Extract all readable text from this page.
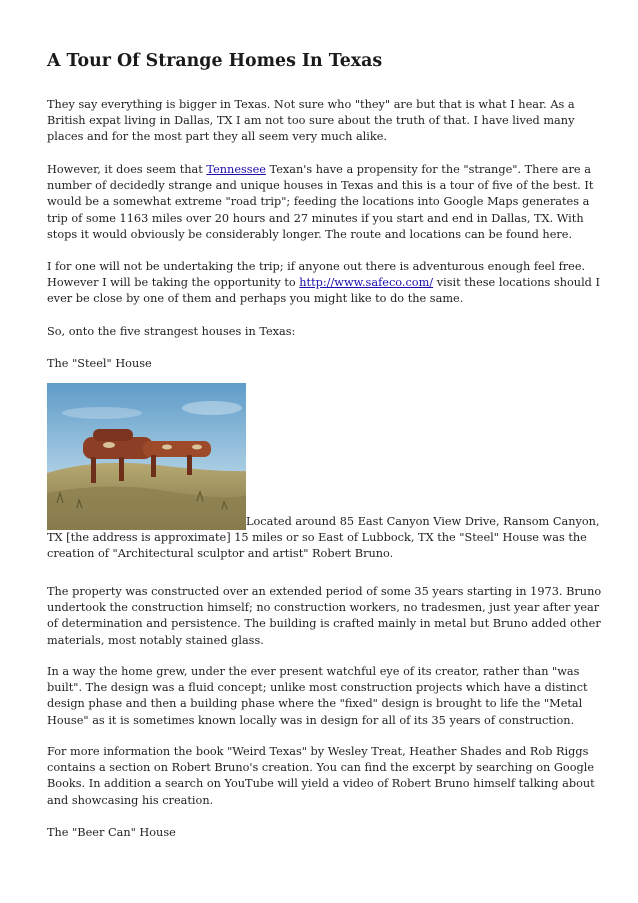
A Tour Of Strange Homes In Texas

They say everything is bigger in Texas. Not sure who "they" are but that is what I hear. As a British expat living in Dallas, TX I am not too sure about the truth of that. I have lived many places and for the most part they all seem very much alike.

However, it does seem that Tennessee Texan's have a propensity for the "strange". There are a number of decidedly strange and unique houses in Texas and this is a tour of five of the best. It would be a somewhat extreme "road trip"; feeding the locations into Google Maps generates a trip of some 1163 miles over 20 hours and 27 minutes if you start and end in Dallas, TX. With stops it would obviously be considerably longer. The route and locations can be found here.

I for one will not be undertaking the trip; if anyone out there is adventurous enough feel free. However I will be taking the opportunity to http://www.safeco.com/ visit these locations should I ever be close by one of them and perhaps you might like to do the same.

So, onto the five strangest houses in Texas:

The "Steel" House

Located around 85 East Canyon View Drive, Ransom Canyon, TX [the address is approximate] 15 miles or so East of Lubbock, TX the "Steel" House was the creation of "Architectural sculptor and artist" Robert Bruno.

The property was constructed over an extended period of some 35 years starting in 1973. Bruno undertook the construction himself; no construction workers, no tradesmen, just year after year of determination and persistence. The building is crafted mainly in metal but Bruno added other materials, most notably stained glass.

In a way the home grew, under the ever present watchful eye of its creator, rather than "was built". The design was a fluid concept; unlike most construction projects which have a distinct design phase and then a building phase where the "fixed" design is brought to life the "Metal House" as it is sometimes known locally was in design for all of its 35 years of construction.

For more information the book "Weird Texas" by Wesley Treat, Heather Shades and Rob Riggs contains a section on Robert Bruno's creation. You can find the excerpt by searching on Google Books. In addition a search on YouTube will yield a video of Robert Bruno himself talking about and showcasing his creation.

The "Beer Can" House
